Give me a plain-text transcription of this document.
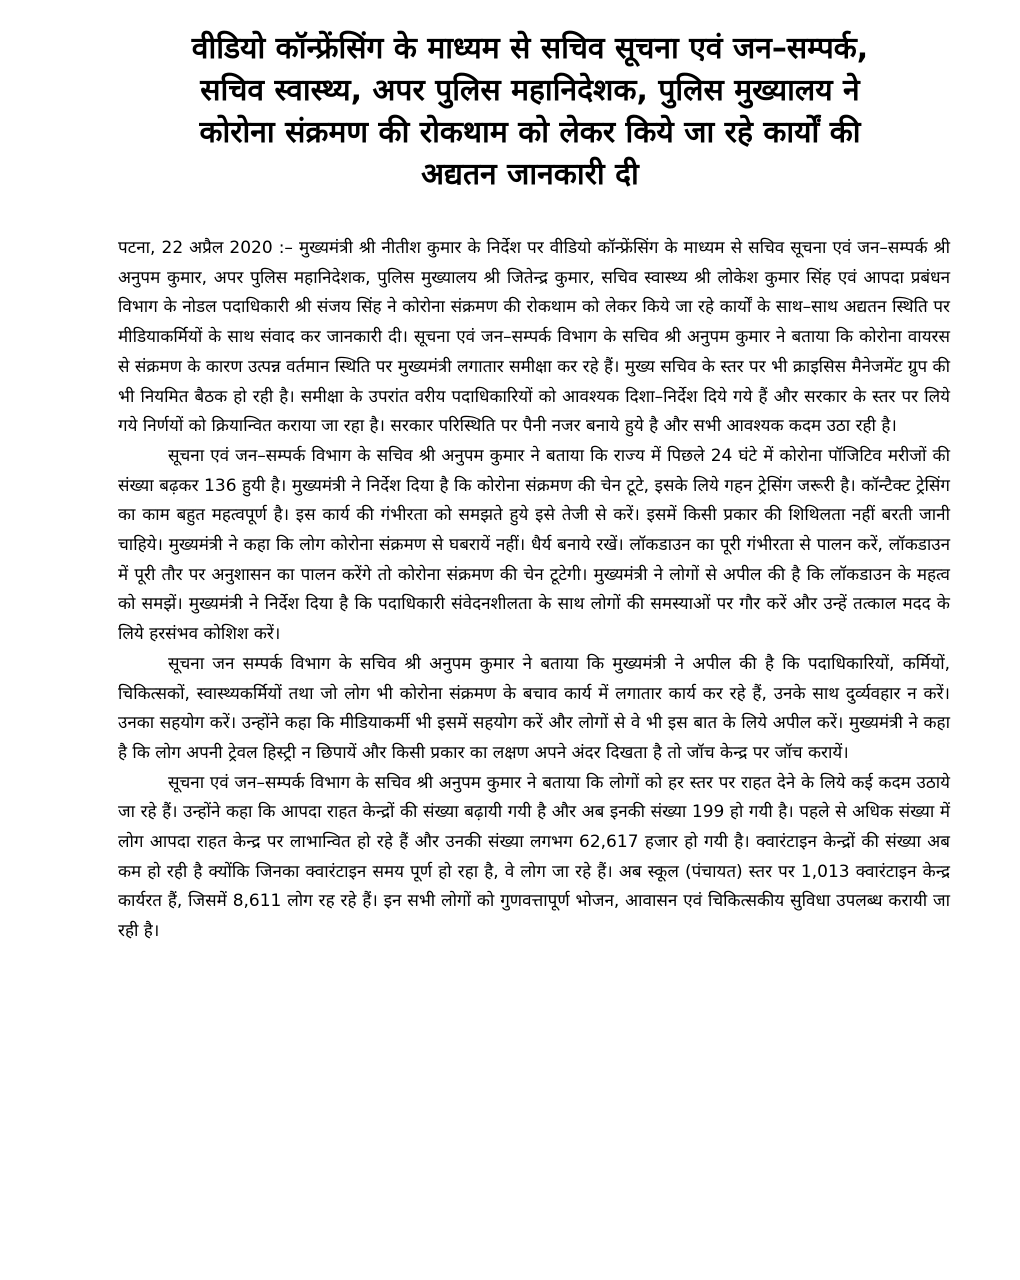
वीडियो कॉन्फ्रेंसिंग के माध्यम से सचिव सूचना एवं जन–सम्पर्क,
सचिव स्वास्थ्य, अपर पुलिस महानिदेशक, पुलिस मुख्यालय ने
कोरोना संक्रमण की रोकथाम को लेकर किये जा रहे कार्यों की
अद्यतन जानकारी दी

पटना, 22 अप्रैल 2020 :– मुख्यमंत्री श्री नीतीश कुमार के निर्देश पर वीडियो कॉन्फ्रेंसिंग के माध्यम से सचिव सूचना एवं जन–सम्पर्क श्री अनुपम कुमार, अपर पुलिस महानिदेशक, पुलिस मुख्यालय श्री जितेन्द्र कुमार, सचिव स्वास्थ्य श्री लोकेश कुमार सिंह एवं आपदा प्रबंधन विभाग के नोडल पदाधिकारी श्री संजय सिंह ने कोरोना संक्रमण की रोकथाम को लेकर किये जा रहे कार्यों के साथ–साथ अद्यतन स्थिति पर मीडियाकर्मियों के साथ संवाद कर जानकारी दी। सूचना एवं जन–सम्पर्क विभाग के सचिव श्री अनुपम कुमार ने बताया कि कोरोना वायरस से संक्रमण के कारण उत्पन्न वर्तमान स्थिति पर मुख्यमंत्री लगातार समीक्षा कर रहे हैं। मुख्य सचिव के स्तर पर भी क्राइसिस मैनेजमेंट ग्रुप की भी नियमित बैठक हो रही है। समीक्षा के उपरांत वरीय पदाधिकारियों को आवश्यक दिशा–निर्देश दिये गये हैं और सरकार के स्तर पर लिये गये निर्णयों को क्रियान्वित कराया जा रहा है। सरकार परिस्थिति पर पैनी नजर बनाये हुये है और सभी आवश्यक कदम उठा रही है।

सूचना एवं जन–सम्पर्क विभाग के सचिव श्री अनुपम कुमार ने बताया कि राज्य में पिछले 24 घंटे में कोरोना पॉजिटिव मरीजों की संख्या बढ़कर 136 हुयी है। मुख्यमंत्री ने निर्देश दिया है कि कोरोना संक्रमण की चेन टूटे, इसके लिये गहन ट्रेसिंग जरूरी है। कॉन्टैक्ट ट्रेसिंग का काम बहुत महत्वपूर्ण है। इस कार्य की गंभीरता को समझते हुये इसे तेजी से करें। इसमें किसी प्रकार की शिथिलता नहीं बरती जानी चाहिये। मुख्यमंत्री ने कहा कि लोग कोरोना संक्रमण से घबरायें नहीं। धैर्य बनाये रखें। लॉकडाउन का पूरी गंभीरता से पालन करें, लॉकडाउन में पूरी तौर पर अनुशासन का पालन करेंगे तो कोरोना संक्रमण की चेन टूटेगी। मुख्यमंत्री ने लोगों से अपील की है कि लॉकडाउन के महत्व को समझें। मुख्यमंत्री ने निर्देश दिया है कि पदाधिकारी संवेदनशीलता के साथ लोगों की समस्याओं पर गौर करें और उन्हें तत्काल मदद के लिये हरसंभव कोशिश करें।

सूचना जन सम्पर्क विभाग के सचिव श्री अनुपम कुमार ने बताया कि मुख्यमंत्री ने अपील की है कि पदाधिकारियों, कर्मियों, चिकित्सकों, स्वास्थ्यकर्मियों तथा जो लोग भी कोरोना संक्रमण के बचाव कार्य में लगातार कार्य कर रहे हैं, उनके साथ दुर्व्यवहार न करें। उनका सहयोग करें। उन्होंने कहा कि मीडियाकर्मी भी इसमें सहयोग करें और लोगों से वे भी इस बात के लिये अपील करें। मुख्यमंत्री ने कहा है कि लोग अपनी ट्रेवल हिस्ट्री न छिपायें और किसी प्रकार का लक्षण अपने अंदर दिखता है तो जॉच केन्द्र पर जॉच करायें।

सूचना एवं जन–सम्पर्क विभाग के सचिव श्री अनुपम कुमार ने बताया कि लोगों को हर स्तर पर राहत देने के लिये कई कदम उठाये जा रहे हैं। उन्होंने कहा कि आपदा राहत केन्द्रों की संख्या बढ़ायी गयी है और अब इनकी संख्या 199 हो गयी है। पहले से अधिक संख्या में लोग आपदा राहत केन्द्र पर लाभान्वित हो रहे हैं और उनकी संख्या लगभग 62,617 हजार हो गयी है। क्वारंटाइन केन्द्रों की संख्या अब कम हो रही है क्योंकि जिनका क्वारंटाइन समय पूर्ण हो रहा है, वे लोग जा रहे हैं। अब स्कूल (पंचायत) स्तर पर 1,013 क्वारंटाइन केन्द्र कार्यरत हैं, जिसमें 8,611 लोग रह रहे हैं। इन सभी लोगों को गुणवत्तापूर्ण भोजन, आवासन एवं चिकित्सकीय सुविधा उपलब्ध करायी जा रही है।
